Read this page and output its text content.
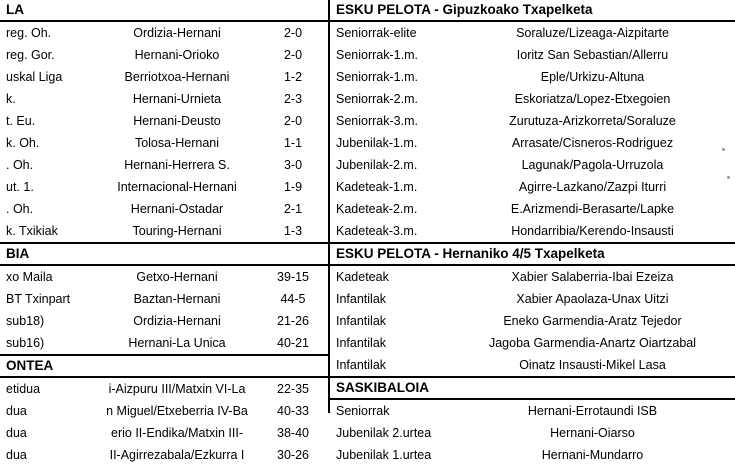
LA
reg. Oh.	Ordizia-Hernani	2-0
reg. Gor.	Hernani-Orioko	2-0
uskal Liga	Berriotxoa-Hernani	1-2
k.	Hernani-Urnieta	2-3
t. Eu.	Hernani-Deusto	2-0
k. Oh.	Tolosa-Hernani	1-1
. Oh.	Hernani-Herrera S.	3-0
ut. 1.	Internacional-Hernani	1-9
. Oh.	Hernani-Ostadar	2-1
k. Txikiak	Touring-Hernani	1-3
BIA
xo Maila	Getxo-Hernani	39-15
BT Txinpart	Baztan-Hernani	44-5
sub18)	Ordizia-Hernani	21-26
sub16)	Hernani-La Unica	40-21
ONTEA
etidua	i-Aizpuru III/Matxin VI-La	22-35
dua	n Miguel/Etxeberria IV-Ba	40-33
dua	erio II-Endika/Matxin III-	38-40
dua	II-Agirrezabala/Ezkurra I	30-26
ESKU PELOTA - Gipuzkoako Txapelketa
Seniorrak-elite	Soraluze/Lizeaga-Aizpitarte
Seniorrak-1.m.	Ioritz San Sebastian/Allerru
Seniorrak-1.m.	Eple/Urkizu-Altuna
Seniorrak-2.m.	Eskoriatza/Lopez-Etxegoien
Seniorrak-3.m.	Zurutuza-Arizkorreta/Soraluze
Jubenilak-1.m.	Arrasate/Cisneros-Rodriguez
Jubenilak-2.m.	Lagunak/Pagola-Urruzola
Kadeteak-1.m.	Agirre-Lazkano/Zazpi Iturri
Kadeteak-2.m.	E.Arizmendi-Berasarte/Lapke
Kadeteak-3.m.	Hondarribia/Kerendo-Insausti
ESKU PELOTA - Hernaniko 4/5 Txapelketa
Kadeteak	Xabier Salaberria-Ibai Ezeiza
Infantilak	Xabier Apaolaza-Unax Uitzi
Infantilak	Eneko Garmendia-Aratz Tejedor
Infantilak	Jagoba Garmendia-Anartz Oiartzabal
Infantilak	Oinatz Insausti-Mikel Lasa
SASKIBALOIA
Seniorrak	Hernani-Errotaundi ISB
Jubenilak 2.urtea	Hernani-Oiarso
Jubenilak 1.urtea	Hernani-Mundarro
